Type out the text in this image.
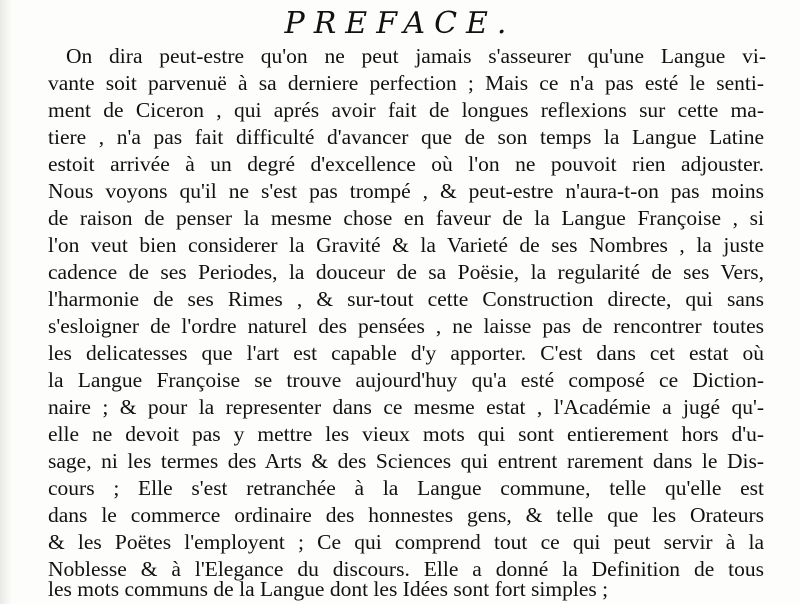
PREFACE.
On dira peut-estre qu'on ne peut jamais s'asseurer qu'une Langue vi-
vante soit parvenuë à sa derniere perfection ; Mais ce n'a pas esté le senti-
ment de Ciceron , qui aprés avoir fait de longues reflexions sur cette ma-
tiere , n'a pas fait difficulté d'avancer que de son temps la Langue Latine
estoit arrivée à un degré d'excellence où l'on ne pouvoit rien adjouster.
Nous voyons qu'il ne s'est pas trompé , & peut-estre n'aura-t-on pas moins
de raison de penser la mesme chose en faveur de la Langue Françoise , si
l'on veut bien considerer la Gravité & la Varieté de ses Nombres , la juste
cadence de ses Periodes, la douceur de sa Poësie, la regularité de ses Vers,
l'harmonie de ses Rimes , & sur-tout cette Construction directe, qui sans
s'esloigner de l'ordre naturel des pensées , ne laisse pas de rencontrer toutes
les delicatesses que l'art est capable d'y apporter. C'est dans cet estat où
la Langue Françoise se trouve aujourd'huy qu'a esté composé ce Diction-
naire ; & pour la representer dans ce mesme estat , l'Académie a jugé qu'-
elle ne devoit pas y mettre les vieux mots qui sont entierement hors d'u-
sage, ni les termes des Arts & des Sciences qui entrent rarement dans le Dis-
cours ; Elle s'est retranchée à la Langue commune, telle qu'elle est
dans le commerce ordinaire des honnestes gens, & telle que les Orateurs
& les Poëtes l'employent ; Ce qui comprend tout ce qui peut servir à la
Noblesse & à l'Elegance du discours. Elle a donné la Definition de tous
les mots communs de la Langue dont les Idées sont fort simples ;
